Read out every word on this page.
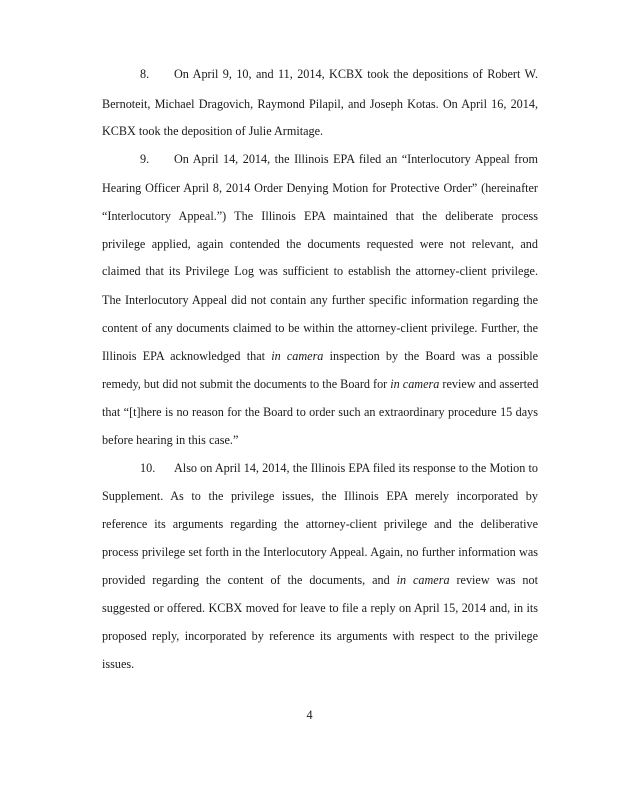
8. On April 9, 10, and 11, 2014, KCBX took the depositions of Robert W.
Bernoteit, Michael Dragovich, Raymond Pilapil, and Joseph Kotas. On April 16, 2014,
KCBX took the deposition of Julie Armitage.
9. On April 14, 2014, the Illinois EPA filed an “Interlocutory Appeal from
Hearing Officer April 8, 2014 Order Denying Motion for Protective Order” (hereinafter
“Interlocutory Appeal.”) The Illinois EPA maintained that the deliberate process
privilege applied, again contended the documents requested were not relevant, and
claimed that its Privilege Log was sufficient to establish the attorney-client privilege.
The Interlocutory Appeal did not contain any further specific information regarding the
content of any documents claimed to be within the attorney-client privilege. Further, the
Illinois EPA acknowledged that in camera inspection by the Board was a possible
remedy, but did not submit the documents to the Board for in camera review and asserted
that “[t]here is no reason for the Board to order such an extraordinary procedure 15 days
before hearing in this case.”
10. Also on April 14, 2014, the Illinois EPA filed its response to the Motion to
Supplement. As to the privilege issues, the Illinois EPA merely incorporated by
reference its arguments regarding the attorney-client privilege and the deliberative
process privilege set forth in the Interlocutory Appeal. Again, no further information was
provided regarding the content of the documents, and in camera review was not
suggested or offered. KCBX moved for leave to file a reply on April 15, 2014 and, in its
proposed reply, incorporated by reference its arguments with respect to the privilege
issues.
4
